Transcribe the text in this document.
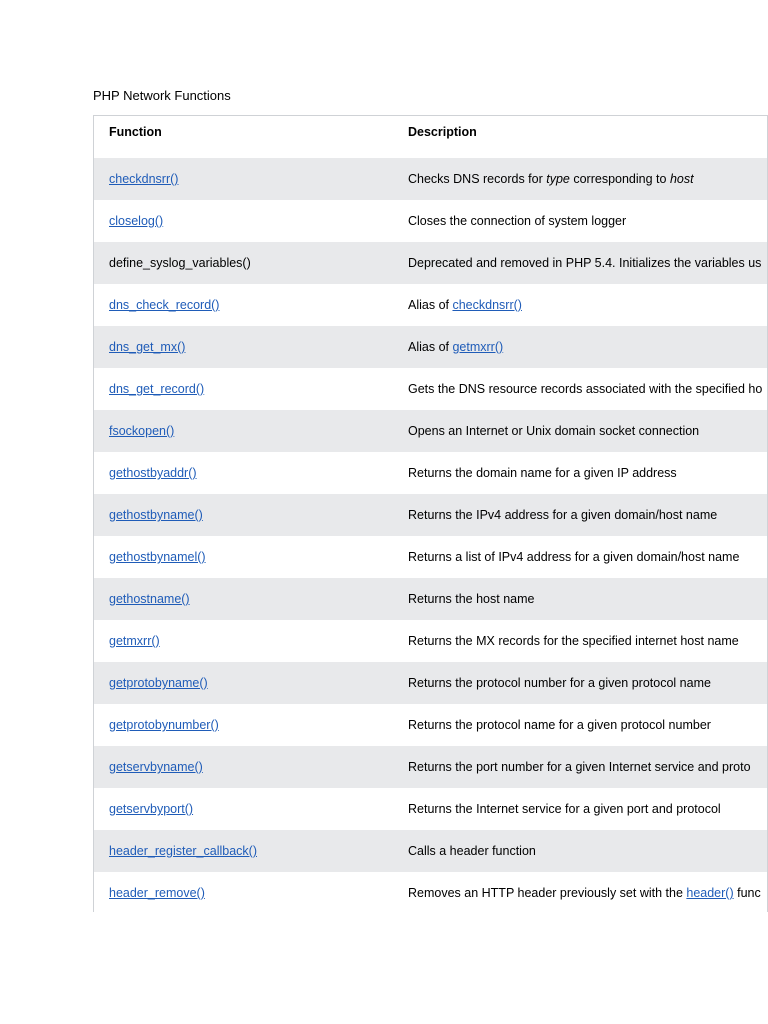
PHP Network Functions
Function	Description
checkdnsrr()	Checks DNS records for type corresponding to host
closelog()	Closes the connection of system logger
define_syslog_variables()	Deprecated and removed in PHP 5.4. Initializes the variables us
dns_check_record()	Alias of checkdnsrr()
dns_get_mx()	Alias of getmxrr()
dns_get_record()	Gets the DNS resource records associated with the specified ho
fsockopen()	Opens an Internet or Unix domain socket connection
gethostbyaddr()	Returns the domain name for a given IP address
gethostbyname()	Returns the IPv4 address for a given domain/host name
gethostbynamel()	Returns a list of IPv4 address for a given domain/host name
gethostname()	Returns the host name
getmxrr()	Returns the MX records for the specified internet host name
getprotobyname()	Returns the protocol number for a given protocol name
getprotobynumber()	Returns the protocol name for a given protocol number
getservbyname()	Returns the port number for a given Internet service and proto
getservbyport()	Returns the Internet service for a given port and protocol
header_register_callback()	Calls a header function
header_remove()	Removes an HTTP header previously set with the header() func
